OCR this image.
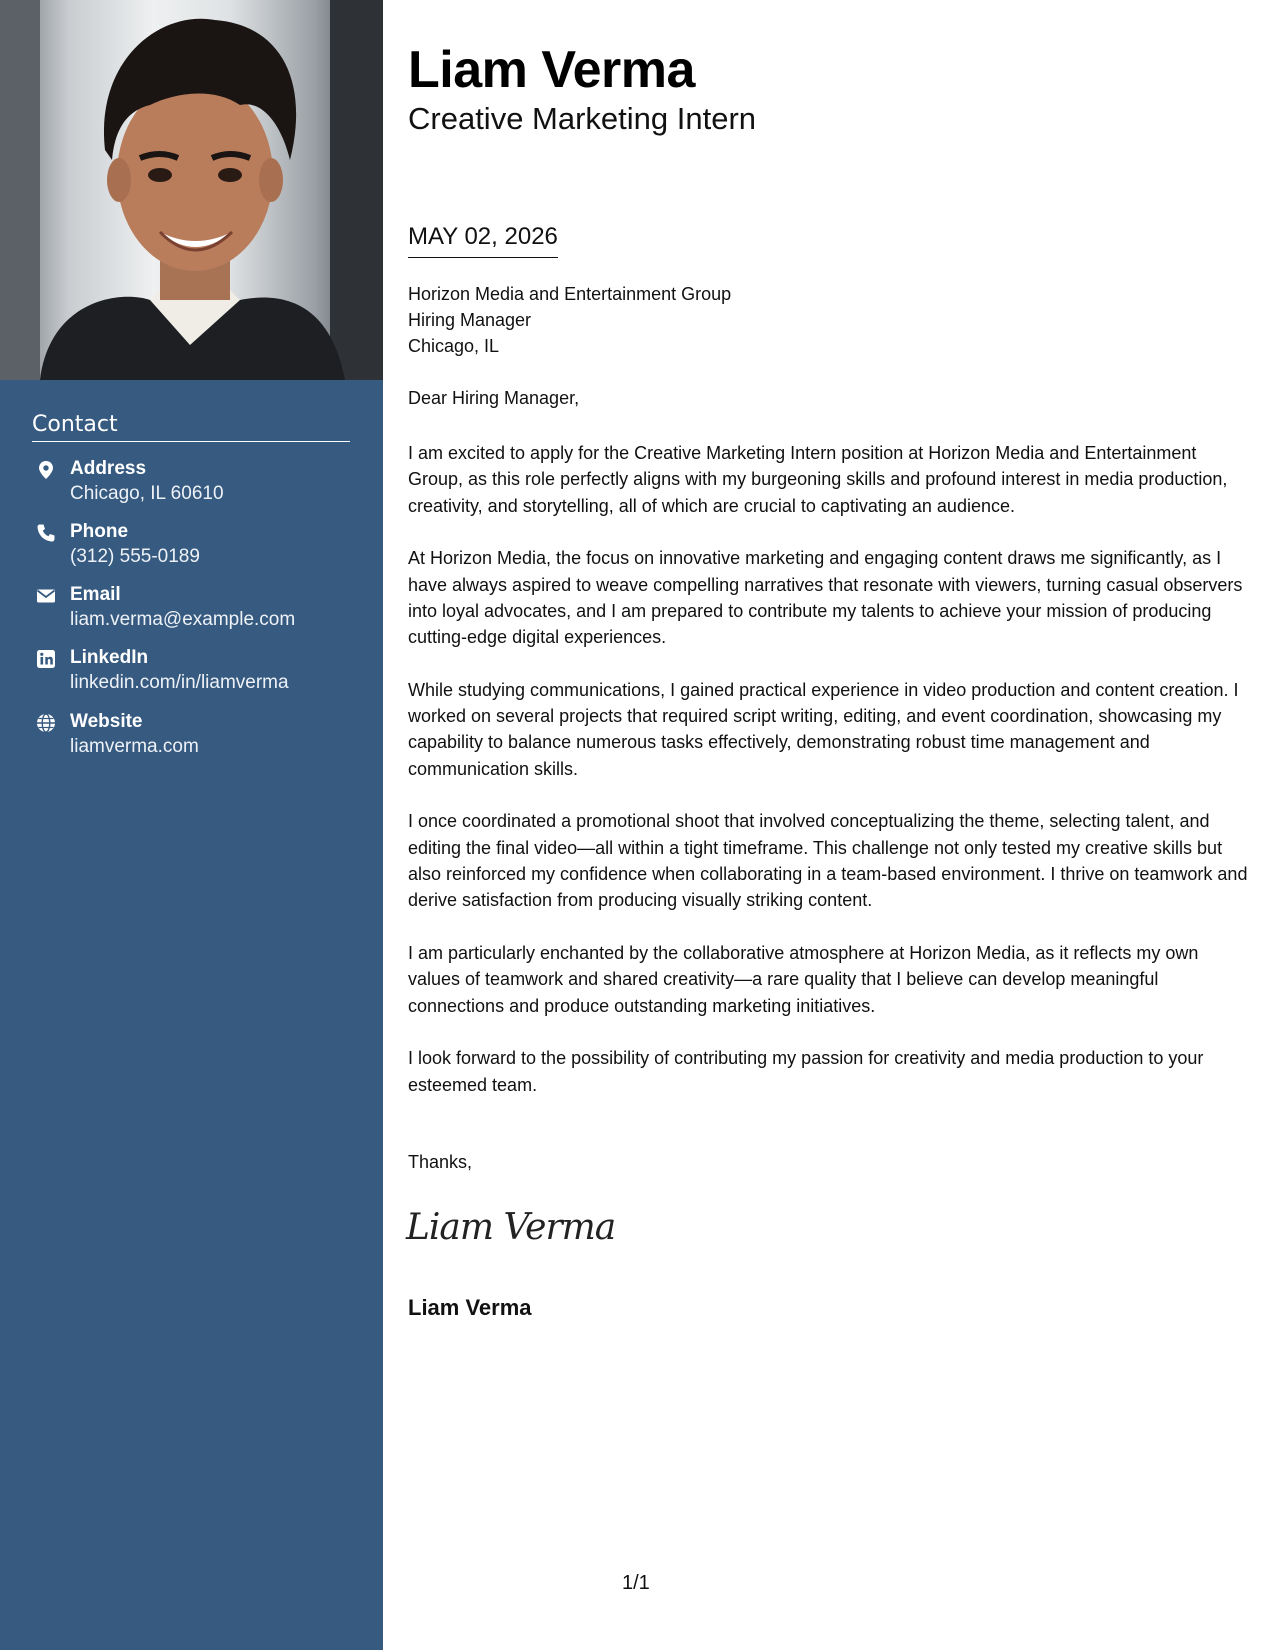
Contact
Address
Chicago, IL 60610
Phone
(312) 555-0189
Email
liam.verma@example.com
LinkedIn
linkedin.com/in/liamverma
Website
liamverma.com
Liam Verma
Creative Marketing Intern
MAY 02, 2026
Horizon Media and Entertainment Group
Hiring Manager
Chicago, IL
Dear Hiring Manager,

I am excited to apply for the Creative Marketing Intern position at Horizon Media and Entertainment Group, as this role perfectly aligns with my burgeoning skills and profound interest in media production, creativity, and storytelling, all of which are crucial to captivating an audience.

At Horizon Media, the focus on innovative marketing and engaging content draws me significantly, as I have always aspired to weave compelling narratives that resonate with viewers, turning casual observers into loyal advocates, and I am prepared to contribute my talents to achieve your mission of producing cutting-edge digital experiences.

While studying communications, I gained practical experience in video production and content creation. I worked on several projects that required script writing, editing, and event coordination, showcasing my capability to balance numerous tasks effectively, demonstrating robust time management and communication skills.

I once coordinated a promotional shoot that involved conceptualizing the theme, selecting talent, and editing the final video—all within a tight timeframe. This challenge not only tested my creative skills but also reinforced my confidence when collaborating in a team-based environment. I thrive on teamwork and derive satisfaction from producing visually striking content.

I am particularly enchanted by the collaborative atmosphere at Horizon Media, as it reflects my own values of teamwork and shared creativity—a rare quality that I believe can develop meaningful connections and produce outstanding marketing initiatives.

I look forward to the possibility of contributing my passion for creativity and media production to your esteemed team.

Thanks,
Liam Verma
Liam Verma
1/1
